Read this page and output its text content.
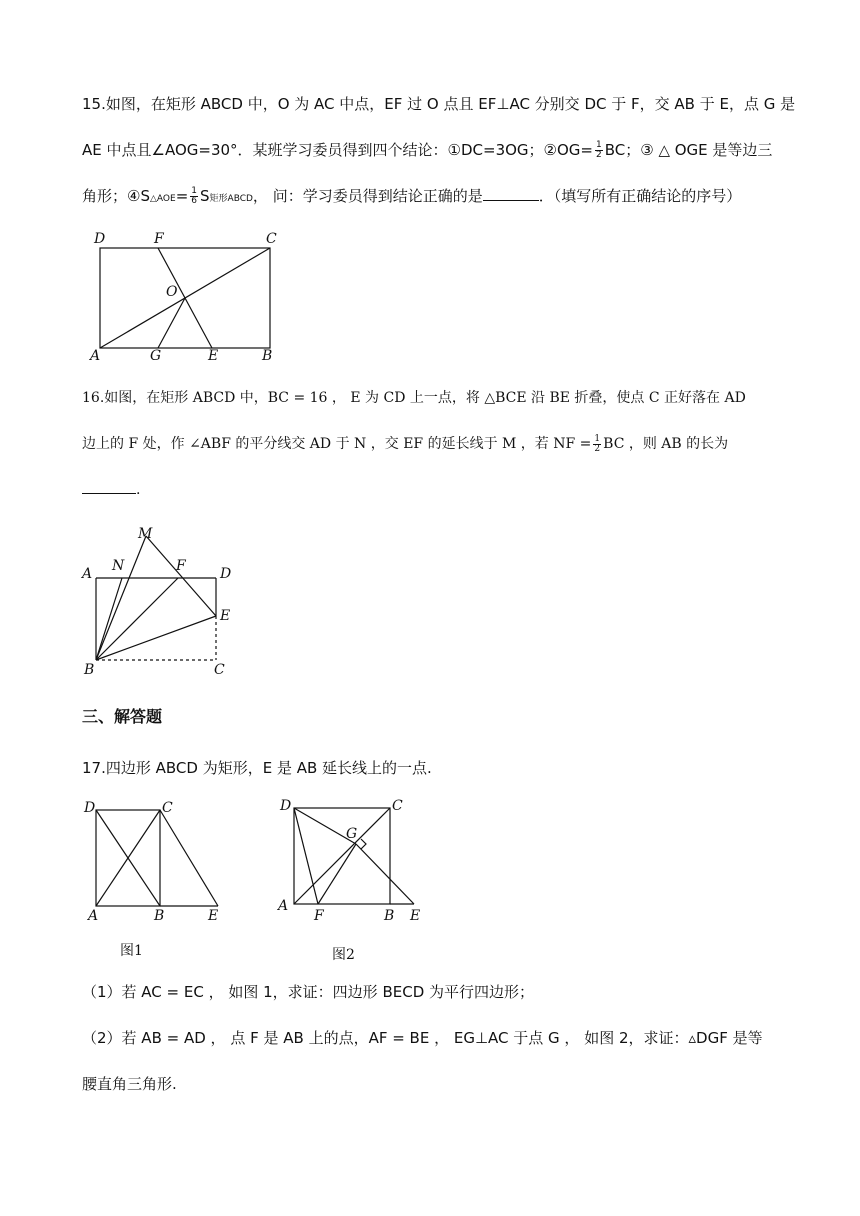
15.如图，在矩形 ABCD 中，O 为 AC 中点，EF 过 O 点且 EF⊥AC 分别交 DC 于 F，交 AB 于 E，点 G 是
AE 中点且∠AOG=30°．某班学习委员得到四个结论：①DC=3OG；②OG= $\frac{1}{2}$ BC；③ △ OGE 是等边三
角形；④S△AOE= $\frac{1}{6}$ S矩形ABCD， 问：学习委员得到结论正确的是	．（填写所有正确结论的序号）
D	F	C
O
A	G	E	B
16.如图，在矩形 ABCD 中，BC = 16 ， E 为 CD 上一点，将 △BCE 沿 BE 折叠，使点 C 正好落在 AD
边上的 F 处，作 ∠ABF 的平分线交 AD 于 N ，交 EF 的延长线于 M ，若 NF = $\frac{1}{2}$ BC ，则 AB 的长为
.
M
A N	F D
E
B	C
三、解答题
17.四边形 ABCD 为矩形，E 是 AB 延长线上的一点.
D	C
A	B	E
图1
D	C
G
A
F	B E
图2
（1）若 AC = EC ， 如图 1，求证：四边形 BECD 为平行四边形；
（2）若 AB = AD ， 点 F 是 AB 上的点，AF = BE ， EG⊥AC 于点 G ， 如图 2，求证：▵DGF 是等
腰直角三角形.
